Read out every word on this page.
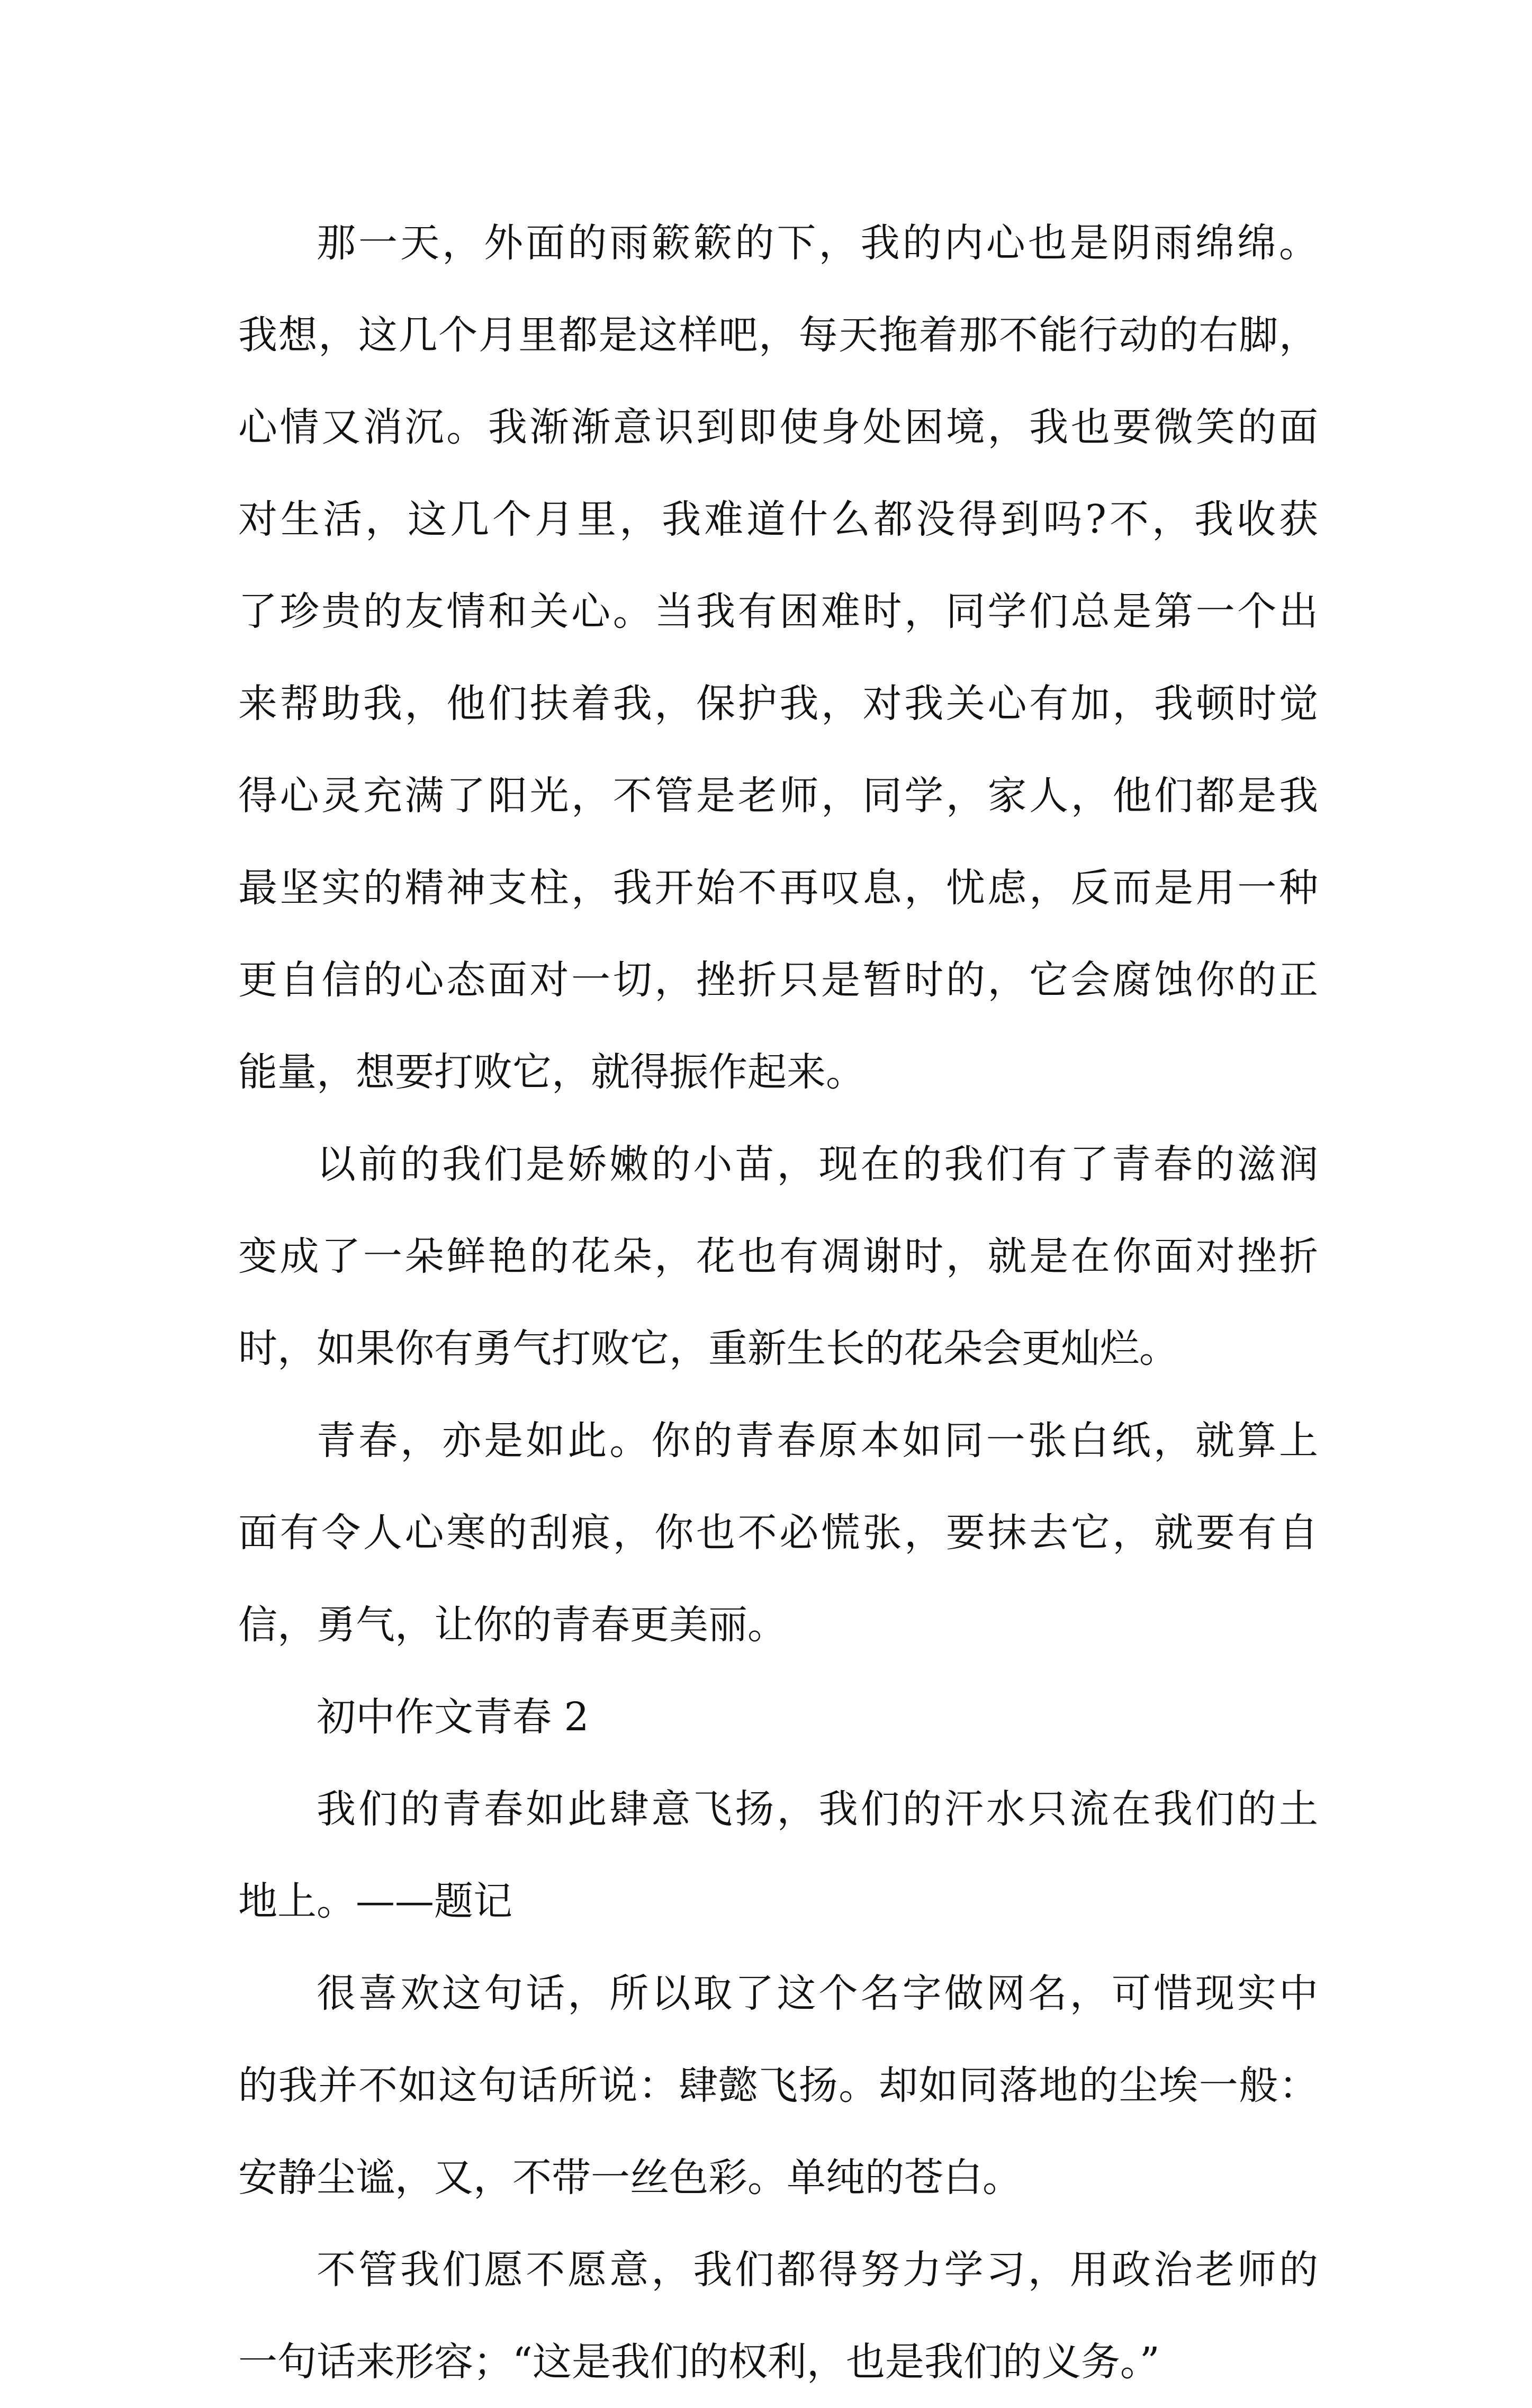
那一天，外面的雨簌簌的下，我的内心也是阴雨绵绵。
我想，这几个月里都是这样吧，每天拖着那不能行动的右脚，
心情又消沉。我渐渐意识到即使身处困境，我也要微笑的面
对生活，这几个月里，我难道什么都没得到吗?不，我收获
了珍贵的友情和关心。当我有困难时，同学们总是第一个出
来帮助我，他们扶着我，保护我，对我关心有加，我顿时觉
得心灵充满了阳光，不管是老师，同学，家人，他们都是我
最坚实的精神支柱，我开始不再叹息，忧虑，反而是用一种
更自信的心态面对一切，挫折只是暂时的，它会腐蚀你的正
能量，想要打败它，就得振作起来。
以前的我们是娇嫩的小苗，现在的我们有了青春的滋润
变成了一朵鲜艳的花朵，花也有凋谢时，就是在你面对挫折
时，如果你有勇气打败它，重新生长的花朵会更灿烂。
青春，亦是如此。你的青春原本如同一张白纸，就算上
面有令人心寒的刮痕，你也不必慌张，要抹去它，就要有自
信，勇气，让你的青春更美丽。
初中作文青春 2
我们的青春如此肆意飞扬，我们的汗水只流在我们的土
地上。——题记
很喜欢这句话，所以取了这个名字做网名，可惜现实中
的我并不如这句话所说：肆懿飞扬。却如同落地的尘埃一般：
安静尘谧，又，不带一丝色彩。单纯的苍白。
不管我们愿不愿意，我们都得努力学习，用政治老师的
一句话来形容；“这是我们的权利，也是我们的义务。”
